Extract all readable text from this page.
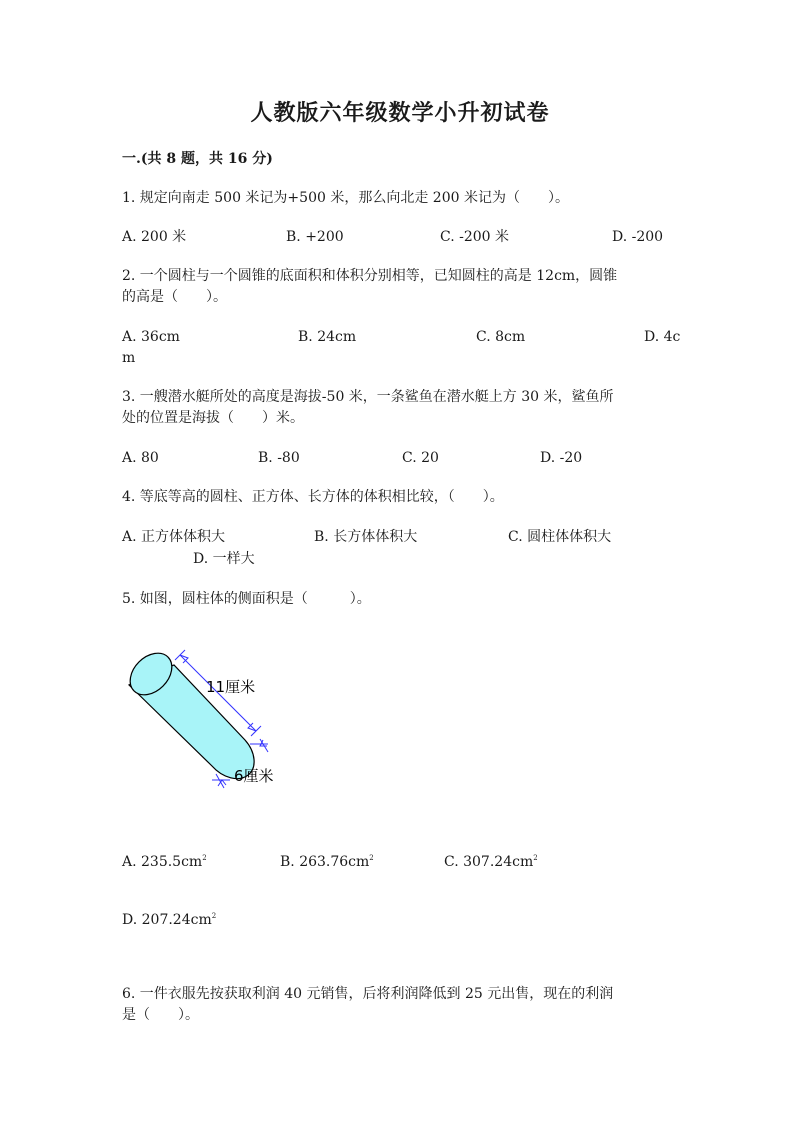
人教版六年级数学小升初试卷
一.(共 8 题，共 16 分)
1. 规定向南走 500 米记为+500 米，那么向北走 200 米记为（　　）。
A. 200 米	B. +200	C. -200 米	D. -200
2. 一个圆柱与一个圆锥的底面积和体积分别相等，已知圆柱的高是 12cm，圆锥
的高是（　　）。
A. 36cm	B. 24cm	C. 8cm	D. 4c
m
3. 一艘潜水艇所处的高度是海拔-50 米，一条鲨鱼在潜水艇上方 30 米，鲨鱼所
处的位置是海拔（　　）米。
A. 80	B. -80	C. 20	D. -20
4. 等底等高的圆柱、正方体、长方体的体积相比较，（　　）。
A. 正方体体积大	B. 长方体体积大	C. 圆柱体体积大
D. 一样大
5. 如图，圆柱体的侧面积是（　　　）。
11厘米
6厘米
A. $235.5cm^2$	B. $263.76cm^2$	C. $307.24cm^2$
D. $207.24cm^2$
6. 一件衣服先按获取利润 40 元销售，后将利润降低到 25 元出售，现在的利润
是（　　）。
